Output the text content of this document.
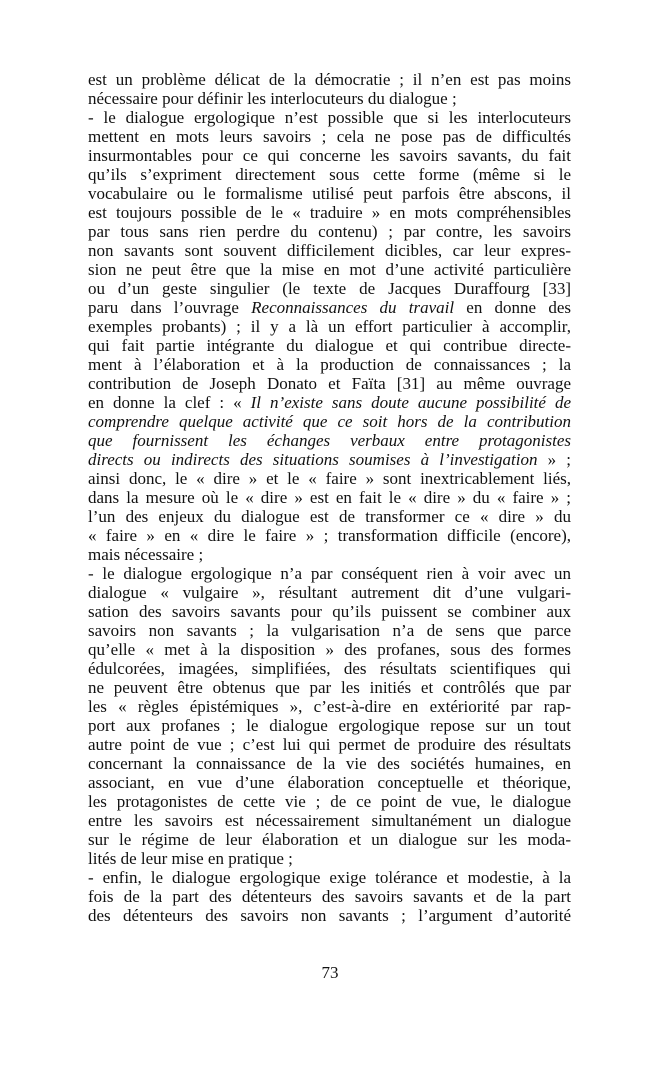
est un problème délicat de la démocratie ; il n’en est pas moins
nécessaire pour définir les interlocuteurs du dialogue ;
- le dialogue ergologique n’est possible que si les interlocuteurs
mettent en mots leurs savoirs ; cela ne pose pas de difficultés
insurmontables pour ce qui concerne les savoirs savants, du fait
qu’ils s’expriment directement sous cette forme (même si le
vocabulaire ou le formalisme utilisé peut parfois être abscons, il
est toujours possible de le « traduire » en mots compréhensibles
par tous sans rien perdre du contenu) ; par contre, les savoirs
non savants sont souvent difficilement dicibles, car leur expres-
sion ne peut être que la mise en mot d’une activité particulière
ou d’un geste singulier (le texte de Jacques Duraffourg [33]
paru dans l’ouvrage Reconnaissances du travail en donne des
exemples probants) ; il y a là un effort particulier à accomplir,
qui fait partie intégrante du dialogue et qui contribue directe-
ment à l’élaboration et à la production de connaissances ; la
contribution de Joseph Donato et Faïta [31] au même ouvrage
en donne la clef : « Il n’existe sans doute aucune possibilité de
comprendre quelque activité que ce soit hors de la contribution
que fournissent les échanges verbaux entre protagonistes
directs ou indirects des situations soumises à l’investigation » ;
ainsi donc, le « dire » et le « faire » sont inextricablement liés,
dans la mesure où le « dire » est en fait le « dire » du « faire » ;
l’un des enjeux du dialogue est de transformer ce « dire » du
« faire » en « dire le faire » ; transformation difficile (encore),
mais nécessaire ;
- le dialogue ergologique n’a par conséquent rien à voir avec un
dialogue « vulgaire », résultant autrement dit d’une vulgari-
sation des savoirs savants pour qu’ils puissent se combiner aux
savoirs non savants ; la vulgarisation n’a de sens que parce
qu’elle « met à la disposition » des profanes, sous des formes
édulcorées, imagées, simplifiées, des résultats scientifiques qui
ne peuvent être obtenus que par les initiés et contrôlés que par
les « règles épistémiques », c’est-à-dire en extériorité par rap-
port aux profanes ; le dialogue ergologique repose sur un tout
autre point de vue ; c’est lui qui permet de produire des résultats
concernant la connaissance de la vie des sociétés humaines, en
associant, en vue d’une élaboration conceptuelle et théorique,
les protagonistes de cette vie ; de ce point de vue, le dialogue
entre les savoirs est nécessairement simultanément un dialogue
sur le régime de leur élaboration et un dialogue sur les moda-
lités de leur mise en pratique ;
- enfin, le dialogue ergologique exige tolérance et modestie, à la
fois de la part des détenteurs des savoirs savants et de la part
des détenteurs des savoirs non savants ; l’argument d’autorité
73
